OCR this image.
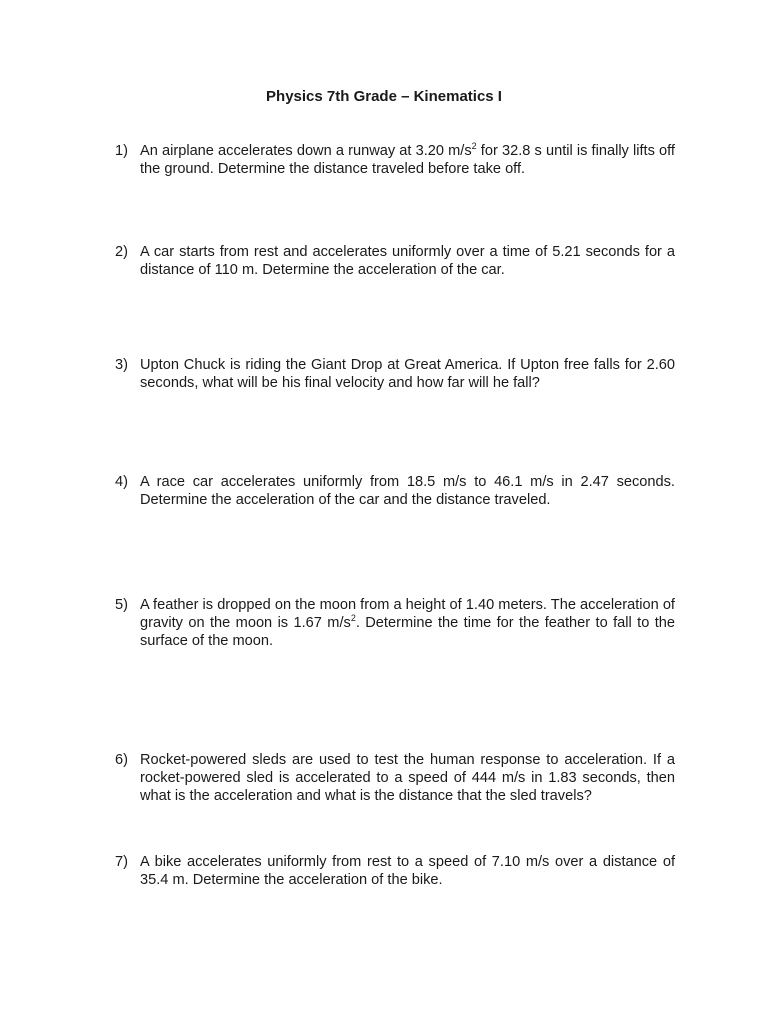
Physics 7th Grade – Kinematics I
1) An airplane accelerates down a runway at 3.20 $m/s^2$ for 32.8 s until is finally lifts off the ground. Determine the distance traveled before take off.
2) A car starts from rest and accelerates uniformly over a time of 5.21 seconds for a distance of 110 m. Determine the acceleration of the car.
3) Upton Chuck is riding the Giant Drop at Great America. If Upton free falls for 2.60 seconds, what will be his final velocity and how far will he fall?
4) A race car accelerates uniformly from 18.5 m/s to 46.1 m/s in 2.47 seconds. Determine the acceleration of the car and the distance traveled.
5) A feather is dropped on the moon from a height of 1.40 meters. The acceleration of gravity on the moon is 1.67 $m/s^2$. Determine the time for the feather to fall to the surface of the moon.
6) Rocket-powered sleds are used to test the human response to acceleration. If a rocket-powered sled is accelerated to a speed of 444 m/s in 1.83 seconds, then what is the acceleration and what is the distance that the sled travels?
7) A bike accelerates uniformly from rest to a speed of 7.10 m/s over a distance of 35.4 m. Determine the acceleration of the bike.
